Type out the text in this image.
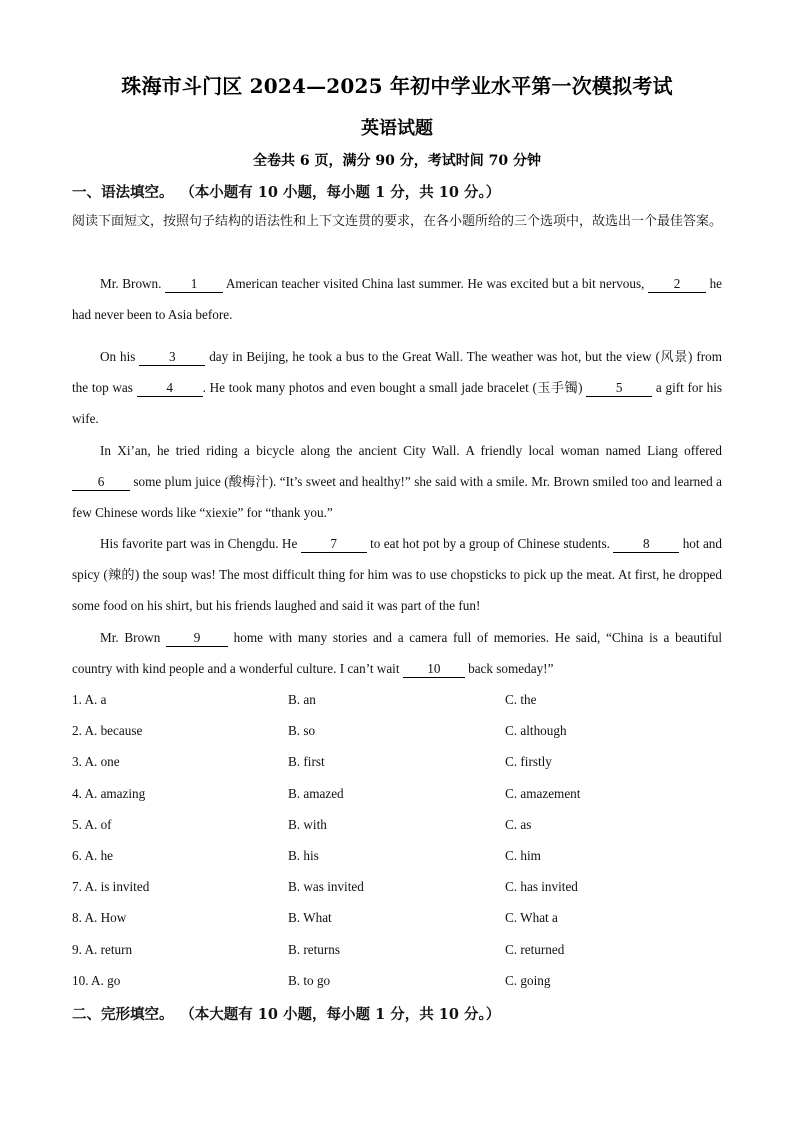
珠海市斗门区 2024—2025 年初中学业水平第一次模拟考试
英语试题
全卷共 6 页，满分 90 分，考试时间 70 分钟
一、语法填空。 （本小题有 10 小题，每小题 1 分，共 10 分。）
阅读下面短文，按照句子结构的语法性和上下文连贯的要求，在各小题所给的三个选项中，故选出一个最佳答案。
Mr. Brown. 1 American teacher visited China last summer. He was excited but a bit nervous, 2 he had never been to Asia before.
On his 3 day in Beijing, he took a bus to the Great Wall. The weather was hot, but the view (风景) from the top was 4 . He took many photos and even bought a small jade bracelet (玉手镯) 5 a gift for his wife.
In Xi’an, he tried riding a bicycle along the ancient City Wall. A friendly local woman named Liang offered 6 some plum juice (酸梅汁). “It’s sweet and healthy!” she said with a smile. Mr. Brown smiled too and learned a few Chinese words like “xiexie” for “thank you.”
His favorite part was in Chengdu. He 7 to eat hot pot by a group of Chinese students. 8 hot and spicy (辣的) the soup was! The most difficult thing for him was to use chopsticks to pick up the meat. At first, he dropped some food on his shirt, but his friends laughed and said it was part of the fun!
Mr. Brown 9 home with many stories and a camera full of memories. He said, “China is a beautiful country with kind people and a wonderful culture. I can’t wait 10 back someday!”
1. A. a	B. an	C. the
2. A. because	B. so	C. although
3. A. one	B. first	C. firstly
4. A. amazing	B. amazed	C. amazement
5. A. of	B. with	C. as
6. A. he	B. his	C. him
7. A. is invited	B. was invited	C. has invited
8. A. How	B. What	C. What a
9. A. return	B. returns	C. returned
10. A. go	B. to go	C. going
二、完形填空。 （本大题有 10 小题，每小题 1 分，共 10 分。）
